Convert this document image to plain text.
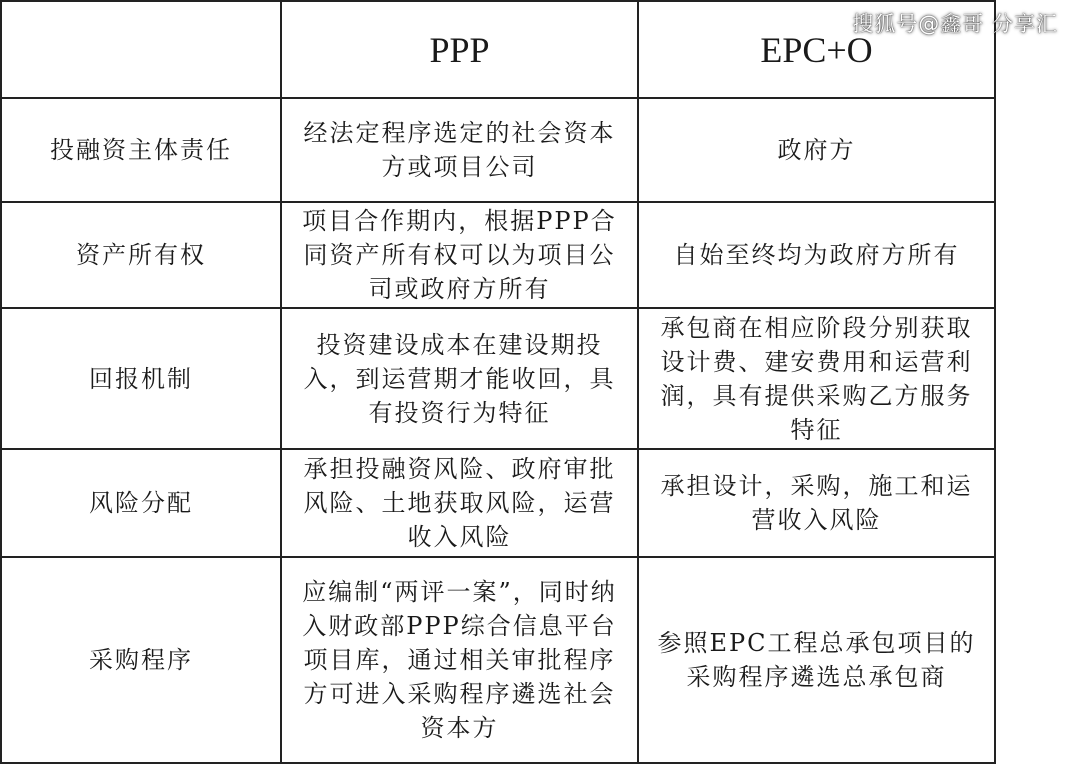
搜狐号@鑫哥 分享汇
	PPP	EPC+O
投融资主体责任	经法定程序选定的社会资本方或项目公司	政府方
资产所有权	项目合作期内，根据PPP合同资产所有权可以为项目公司或政府方所有	自始至终均为政府方所有
回报机制	投资建设成本在建设期投入，到运营期才能收回，具有投资行为特征	承包商在相应阶段分别获取设计费、建安费用和运营利润，具有提供采购乙方服务特征
风险分配	承担投融资风险、政府审批风险、土地获取风险，运营收入风险	承担设计，采购，施工和运营收入风险
采购程序	应编制“两评一案”，同时纳入财政部PPP综合信息平台项目库，通过相关审批程序方可进入采购程序遴选社会资本方	参照EPC工程总承包项目的采购程序遴选总承包商
